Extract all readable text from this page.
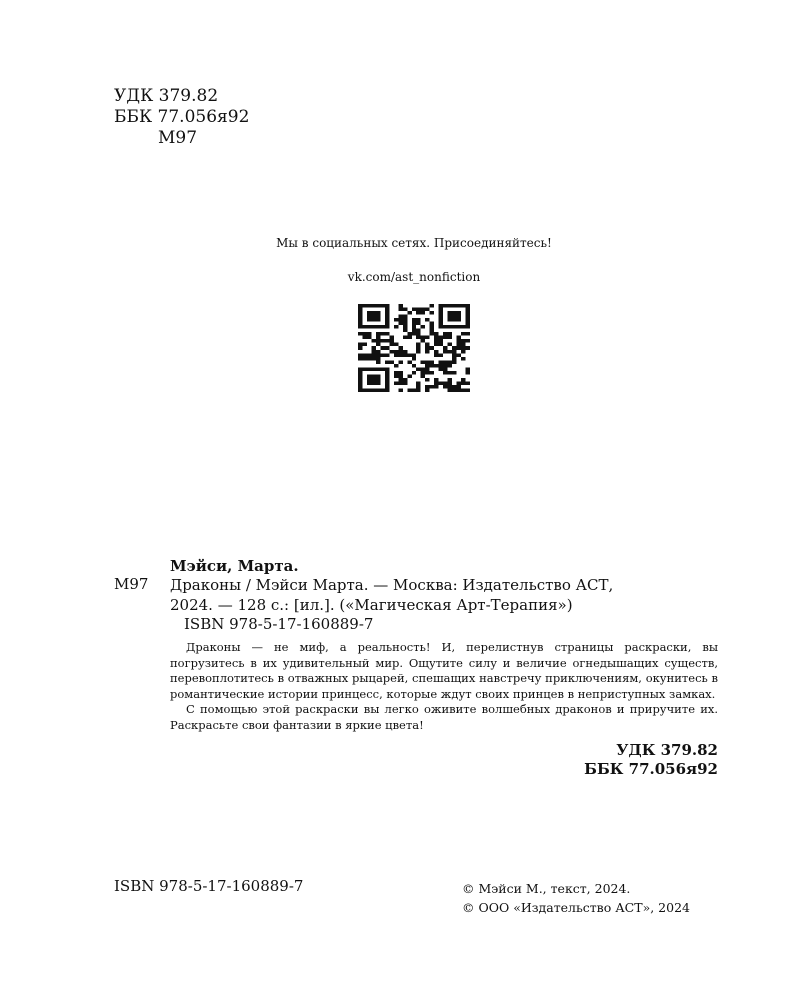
УДК 379.82
ББК 77.056я92
М97
Мы в социальных сетях. Присоединяйтесь!
vk.com/ast_nonfiction
Мэйси, Марта.
М97 Драконы / Мэйси Марта. — Москва: Издательство АСТ,
2024. — 128 с.: [ил.]. («Магическая Арт-Терапия»)
ISBN 978-5-17-160889-7

Драконы — не миф, а реальность! И, перелистнув страницы раскраски, вы погрузитесь в их удивительный мир. Ощутите силу и величие огнедышащих существ, перевоплотитесь в отважных рыцарей, спешащих навстречу приключениям, окунитесь в романтические истории принцесс, которые ждут своих принцев в неприступных замках.

С помощью этой раскраски вы легко оживите волшебных драконов и приручите их. Раскрасьте свои фантазии в яркие цвета!

УДК 379.82
ББК 77.056я92
ISBN 978-5-17-160889-7	© Мэйси М., текст, 2024.
© ООО «Издательство АСТ», 2024
